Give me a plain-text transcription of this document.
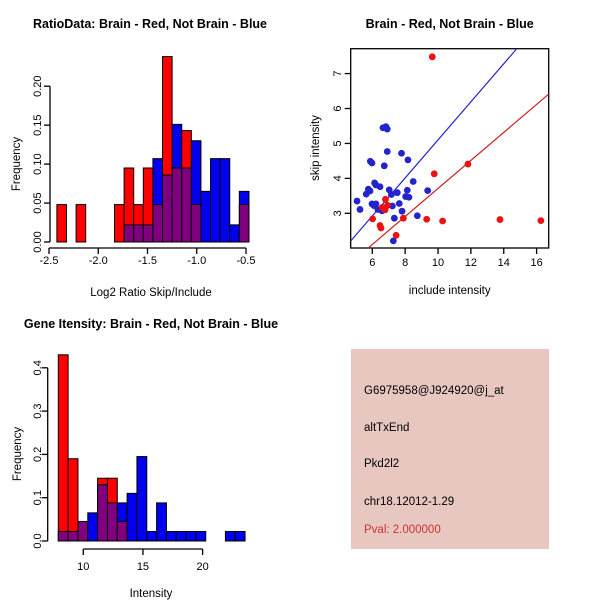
-2.5	-2.0	-1.5	-1.0	-0.5
0.00
0.05
0.10
0.15
0.20
Log2 Ratio Skip/Include
Frequency
RatioData: Brain - Red, Not Brain - Blue
6 8 10 12 14 16
3
4
5
6
7
include intensity
skip intensity
Brain - Red, Not Brain - Blue
10	15	20
0.0
0.1
0.2
0.3
0.4
Intensity
Frequency
Gene Itensity: Brain - Red, Not Brain - Blue
G6975958@J924920@j_at
altTxEnd
Pkd2l2
chr18.12012-1.29
Pval: 2.000000
